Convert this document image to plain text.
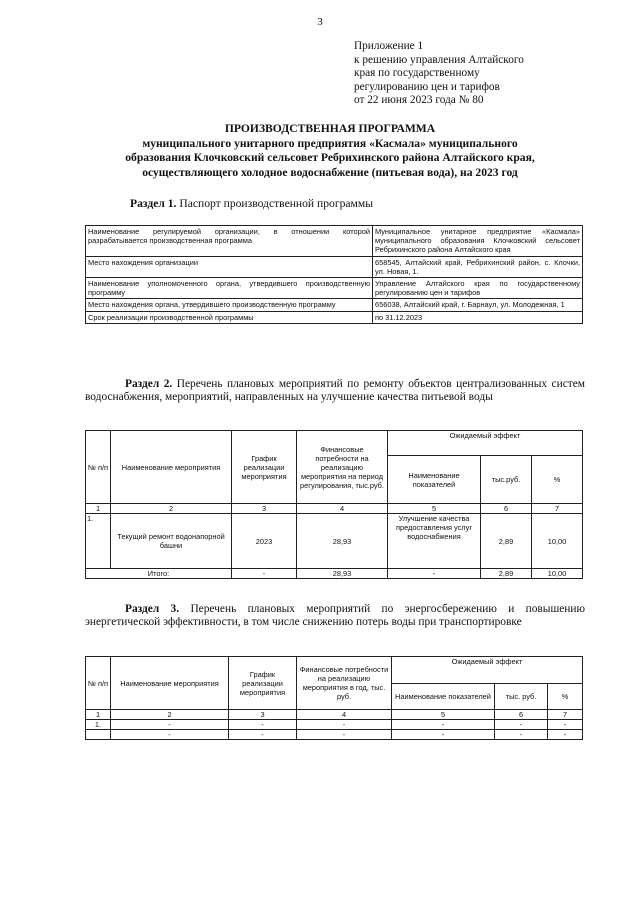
3
Приложение 1
к решению управления Алтайского
края по государственному
регулированию цен и тарифов
от 22 июня 2023 года № 80
ПРОИЗВОДСТВЕННАЯ ПРОГРАММА
муниципального унитарного предприятия «Касмала» муниципального
образования Клочковский сельсовет Ребрихинского района Алтайского края,
осуществляющего холодное водоснабжение (питьевая вода), на 2023 год
Раздел 1. Паспорт производственной программы
Наименование регулируемой организации, в отношении которой разрабатывается производственная программа	Муниципальное унитарное предприятие «Касмала» муниципального образования Клочковский сельсовет Ребрихинского района Алтайского края
Место нахождения организации	658545, Алтайский край, Ребрихинский район, с. Клочки, ул. Новая, 1.
Наименование уполномоченного органа, утвердившего производственную программу	Управление Алтайского края по государственному регулированию цен и тарифов
Место нахождения органа, утвердившего производственную программу	656038, Алтайский край, г. Барнаул, ул. Молодежная, 1
Срок реализации производственной программы	по 31.12.2023
Раздел 2. Перечень плановых мероприятий по ремонту объектов централизованных систем водоснабжения, мероприятий, направленных на улучшение качества питьевой воды
№ п/п	Наименование мероприятия	График реализации мероприятия	Финансовые потребности на реализацию мероприятия на период регулирования, тыс.руб.	Ожидаемый эффект		
				Наименование показателей	тыс.руб.	%
1	2	3	4	5	6	7
1.	Текущий ремонт водонапорной башни	2023	28,93	Улучшение качества предоставления услуг водоснабжения	2,89	10,00
Итого:		-	28,93	-	2,89	10,00
Раздел 3. Перечень плановых мероприятий по энергосбережению и повышению энергетической эффективности, в том числе снижению потерь воды при транспортировке
№ п/п	Наименование мероприятия	График реализации мероприятия	Финансовые потребности на реализацию мероприятия в год, тыс. руб.	Ожидаемый эффект		
				Наименование показателей	тыс. руб.	%
1	2	3	4	5	6	7
1.	-	-	-	-	-	-
	-	-	-	-	-	-
